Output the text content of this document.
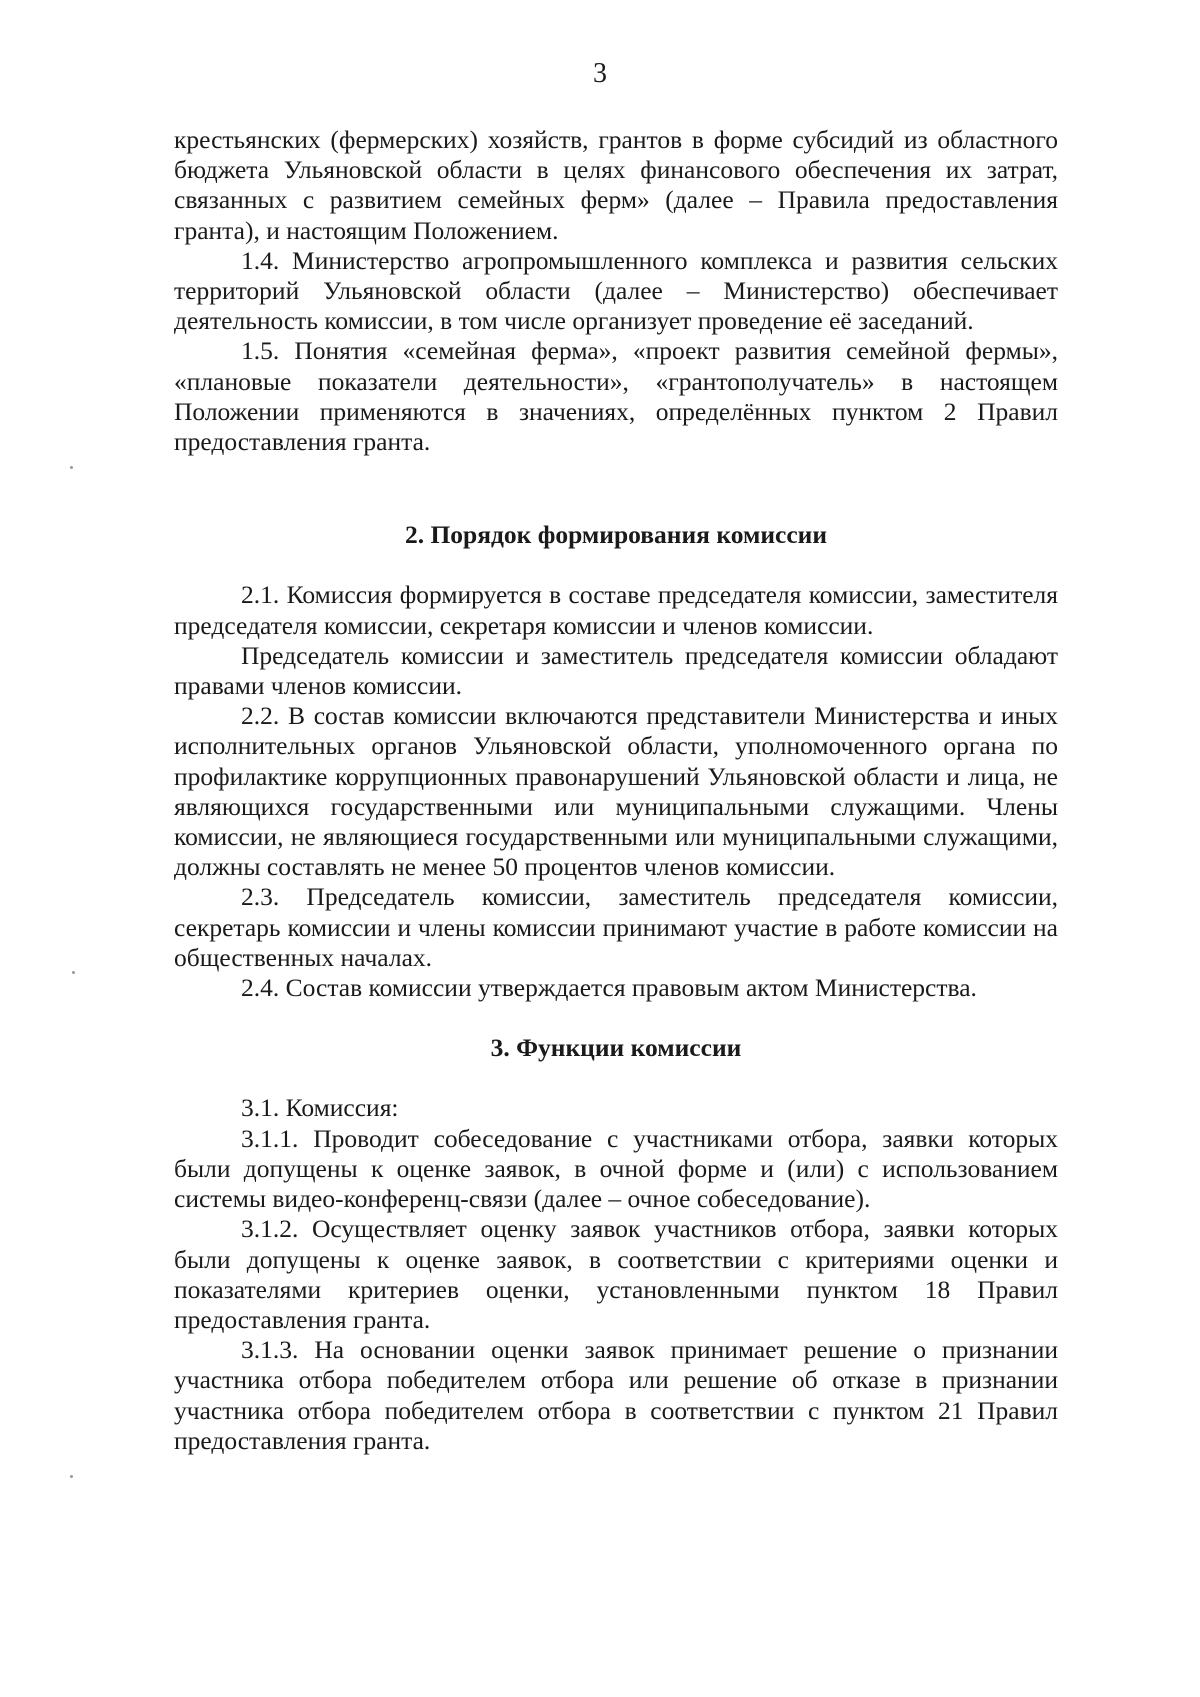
3

крестьянских (фермерских) хозяйств, грантов в форме субсидий из областного бюджета Ульяновской области в целях финансового обеспечения их затрат, связанных с развитием семейных ферм» (далее – Правила предоставления гранта), и настоящим Положением.

1.4. Министерство агропромышленного комплекса и развития сельских территорий Ульяновской области (далее – Министерство) обеспечивает деятельность комиссии, в том числе организует проведение её заседаний.

1.5. Понятия «семейная ферма», «проект развития семейной фермы», «плановые показатели деятельности», «грантополучатель» в настоящем Положении применяются в значениях, определённых пунктом 2 Правил предоставления гранта.

2. Порядок формирования комиссии

2.1. Комиссия формируется в составе председателя комиссии, заместителя председателя комиссии, секретаря комиссии и членов комиссии.

Председатель комиссии и заместитель председателя комиссии обладают правами членов комиссии.

2.2. В состав комиссии включаются представители Министерства и иных исполнительных органов Ульяновской области, уполномоченного органа по профилактике коррупционных правонарушений Ульяновской области и лица, не являющихся государственными или муниципальными служащими. Члены комиссии, не являющиеся государственными или муниципальными служащими, должны составлять не менее 50 процентов членов комиссии.

2.3. Председатель комиссии, заместитель председателя комиссии, секретарь комиссии и члены комиссии принимают участие в работе комиссии на общественных началах.

2.4. Состав комиссии утверждается правовым актом Министерства.

3. Функции комиссии

3.1. Комиссия:

3.1.1. Проводит собеседование с участниками отбора, заявки которых были допущены к оценке заявок, в очной форме и (или) с использованием системы видео-конференц-связи (далее – очное собеседование).

3.1.2. Осуществляет оценку заявок участников отбора, заявки которых были допущены к оценке заявок, в соответствии с критериями оценки и показателями критериев оценки, установленными пунктом 18 Правил предоставления гранта.

3.1.3. На основании оценки заявок принимает решение о признании участника отбора победителем отбора или решение об отказе в признании участника отбора победителем отбора в соответствии с пунктом 21 Правил предоставления гранта.
